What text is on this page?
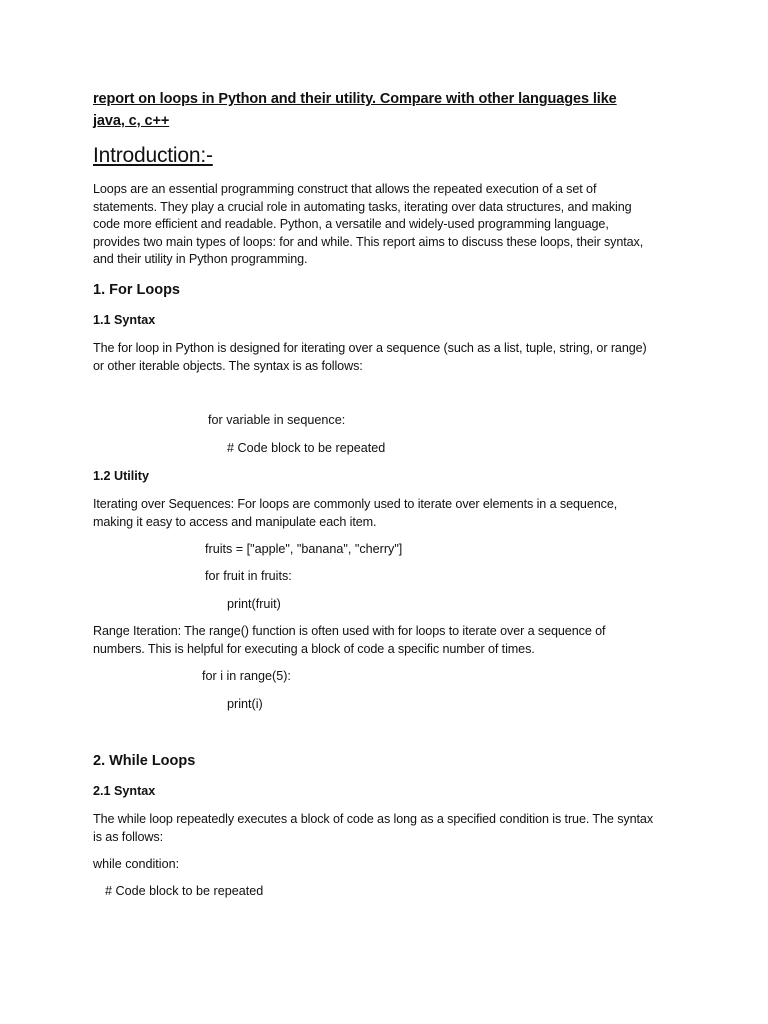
report on loops in Python and their utility. Compare with other languages like
java, c, c++
Introduction:-
Loops are an essential programming construct that allows the repeated execution of a set of
statements. They play a crucial role in automating tasks, iterating over data structures, and making
code more efficient and readable. Python, a versatile and widely-used programming language,
provides two main types of loops: for and while. This report aims to discuss these loops, their syntax,
and their utility in Python programming.
1. For Loops
1.1 Syntax
The for loop in Python is designed for iterating over a sequence (such as a list, tuple, string, or range)
or other iterable objects. The syntax is as follows:
for variable in sequence:
# Code block to be repeated
1.2 Utility
Iterating over Sequences: For loops are commonly used to iterate over elements in a sequence,
making it easy to access and manipulate each item.
fruits = ["apple", "banana", "cherry"]
for fruit in fruits:
print(fruit)
Range Iteration: The range() function is often used with for loops to iterate over a sequence of
numbers. This is helpful for executing a block of code a specific number of times.
for i in range(5):
print(i)
2. While Loops
2.1 Syntax
The while loop repeatedly executes a block of code as long as a specified condition is true. The syntax
is as follows:
while condition:
# Code block to be repeated
